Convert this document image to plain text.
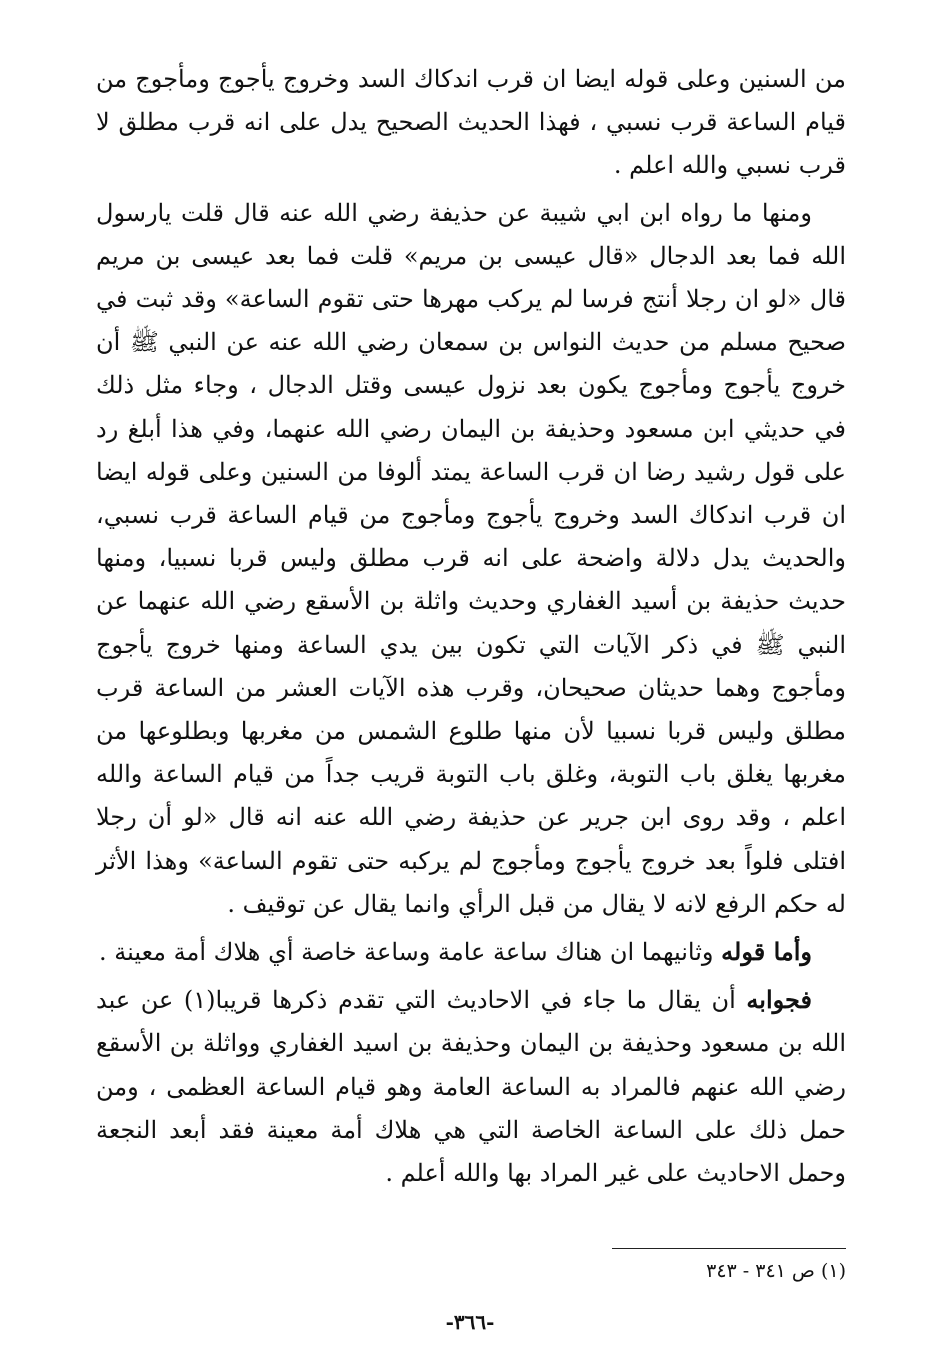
من السنين وعلى قوله ايضا ان قرب اندكاك السد وخروج يأجوج ومأجوج من قيام الساعة قرب نسبي ، فهذا الحديث الصحيح يدل على انه قرب مطلق لا قرب نسبي والله اعلم .

ومنها ما رواه ابن ابي شيبة عن حذيفة رضي الله عنه قال قلت يارسول الله فما بعد الدجال «قال عيسى بن مريم» قلت فما بعد عيسى بن مريم قال «لو ان رجلا أنتج فرسا لم يركب مهرها حتى تقوم الساعة» وقد ثبت في صحيح مسلم من حديث النواس بن سمعان رضي الله عنه عن النبي ﷺ أن خروج يأجوج ومأجوج يكون بعد نزول عيسى وقتل الدجال ، وجاء مثل ذلك في حديثي ابن مسعود وحذيفة بن اليمان رضي الله عنهما، وفي هذا أبلغ رد على قول رشيد رضا ان قرب الساعة يمتد ألوفا من السنين وعلى قوله ايضا ان قرب اندكاك السد وخروج يأجوج ومأجوج من قيام الساعة قرب نسبي، والحديث يدل دلالة واضحة على انه قرب مطلق وليس قربا نسبيا، ومنها حديث حذيفة بن أسيد الغفاري وحديث واثلة بن الأسقع رضي الله عنهما عن النبي ﷺ في ذكر الآيات التي تكون بين يدي الساعة ومنها خروج يأجوج ومأجوج وهما حديثان صحيحان، وقرب هذه الآيات العشر من الساعة قرب مطلق وليس قربا نسبيا لأن منها طلوع الشمس من مغربها وبطلوعها من مغربها يغلق باب التوبة، وغلق باب التوبة قريب جداً من قيام الساعة والله اعلم ، وقد روى ابن جرير عن حذيفة رضي الله عنه انه قال «لو أن رجلا افتلى فلواً بعد خروج يأجوج ومأجوج لم يركبه حتى تقوم الساعة» وهذا الأثر له حكم الرفع لانه لا يقال من قبل الرأي وانما يقال عن توقيف .

وأما قوله وثانيهما ان هناك ساعة عامة وساعة خاصة أي هلاك أمة معينة .

فجوابه أن يقال ما جاء في الاحاديث التي تقدم ذكرها قريبا(١) عن عبد الله بن مسعود وحذيفة بن اليمان وحذيفة بن اسيد الغفاري وواثلة بن الأسقع رضي الله عنهم فالمراد به الساعة العامة وهو قيام الساعة العظمى ، ومن حمل ذلك على الساعة الخاصة التي هي هلاك أمة معينة فقد أبعد النجعة وحمل الاحاديث على غير المراد بها والله أعلم .

(١) ص ٣٤١ - ٣٤٣
-٣٦٦-
